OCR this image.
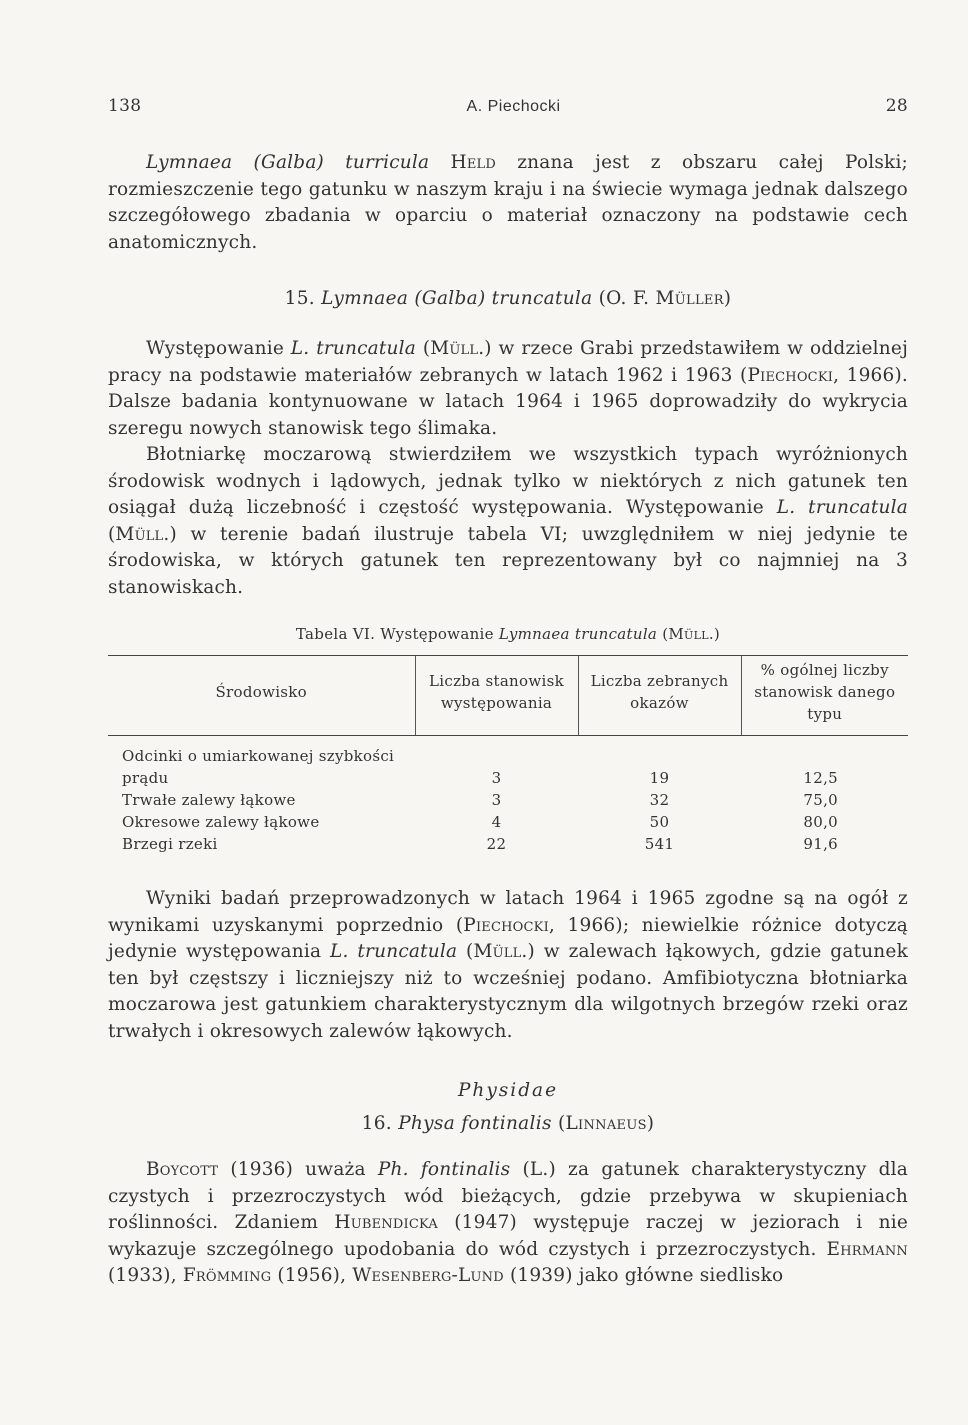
138	A. Piechocki	28

Lymnaea (Galba) turricula Held znana jest z obszaru całej Polski; rozmieszczenie tego gatunku w naszym kraju i na świecie wymaga jednak dalszego szczegółowego zbadania w oparciu o materiał oznaczony na podstawie cech anatomicznych.

15. Lymnaea (Galba) truncatula (O. F. Müller)

Występowanie L. truncatula (Müll.) w rzece Grabi przedstawiłem w oddzielnej pracy na podstawie materiałów zebranych w latach 1962 i 1963 (Piechocki, 1966). Dalsze badania kontynuowane w latach 1964 i 1965 doprowadziły do wykrycia szeregu nowych stanowisk tego ślimaka.

Błotniarkę moczarową stwierdziłem we wszystkich typach wyróżnionych środowisk wodnych i lądowych, jednak tylko w niektórych z nich gatunek ten osiągał dużą liczebność i częstość występowania. Występowanie L. truncatula (Müll.) w terenie badań ilustruje tabela VI; uwzględniłem w niej jedynie te środowiska, w których gatunek ten reprezentowany był co najmniej na 3 stanowiskach.

Tabela VI. Występowanie Lymnaea truncatula (Müll.)
Środowisko	Liczba stanowisk występowania	Liczba zebranych okazów	% ogólnej liczby stanowisk danego typu
Odcinki o umiarkowanej szybkości prądu	3	19	12,5
Trwałe zalewy łąkowe	3	32	75,0
Okresowe zalewy łąkowe	4	50	80,0
Brzegi rzeki	22	541	91,6

Wyniki badań przeprowadzonych w latach 1964 i 1965 zgodne są na ogół z wynikami uzyskanymi poprzednio (Piechocki, 1966); niewielkie różnice dotyczą jedynie występowania L. truncatula (Müll.) w zalewach łąkowych, gdzie gatunek ten był częstszy i liczniejszy niż to wcześniej podano. Amfibiotyczna błotniarka moczarowa jest gatunkiem charakterystycznym dla wilgotnych brzegów rzeki oraz trwałych i okresowych zalewów łąkowych.

Physidae
16. Physa fontinalis (Linnaeus)

Boycott (1936) uważa Ph. fontinalis (L.) za gatunek charakterystyczny dla czystych i przezroczystych wód bieżących, gdzie przebywa w skupieniach roślinności. Zdaniem Hubendicka (1947) występuje raczej w jeziorach i nie wykazuje szczególnego upodobania do wód czystych i przezroczystych. Ehrmann (1933), Frömming (1956), Wesenberg-Lund (1939) jako główne siedlisko
